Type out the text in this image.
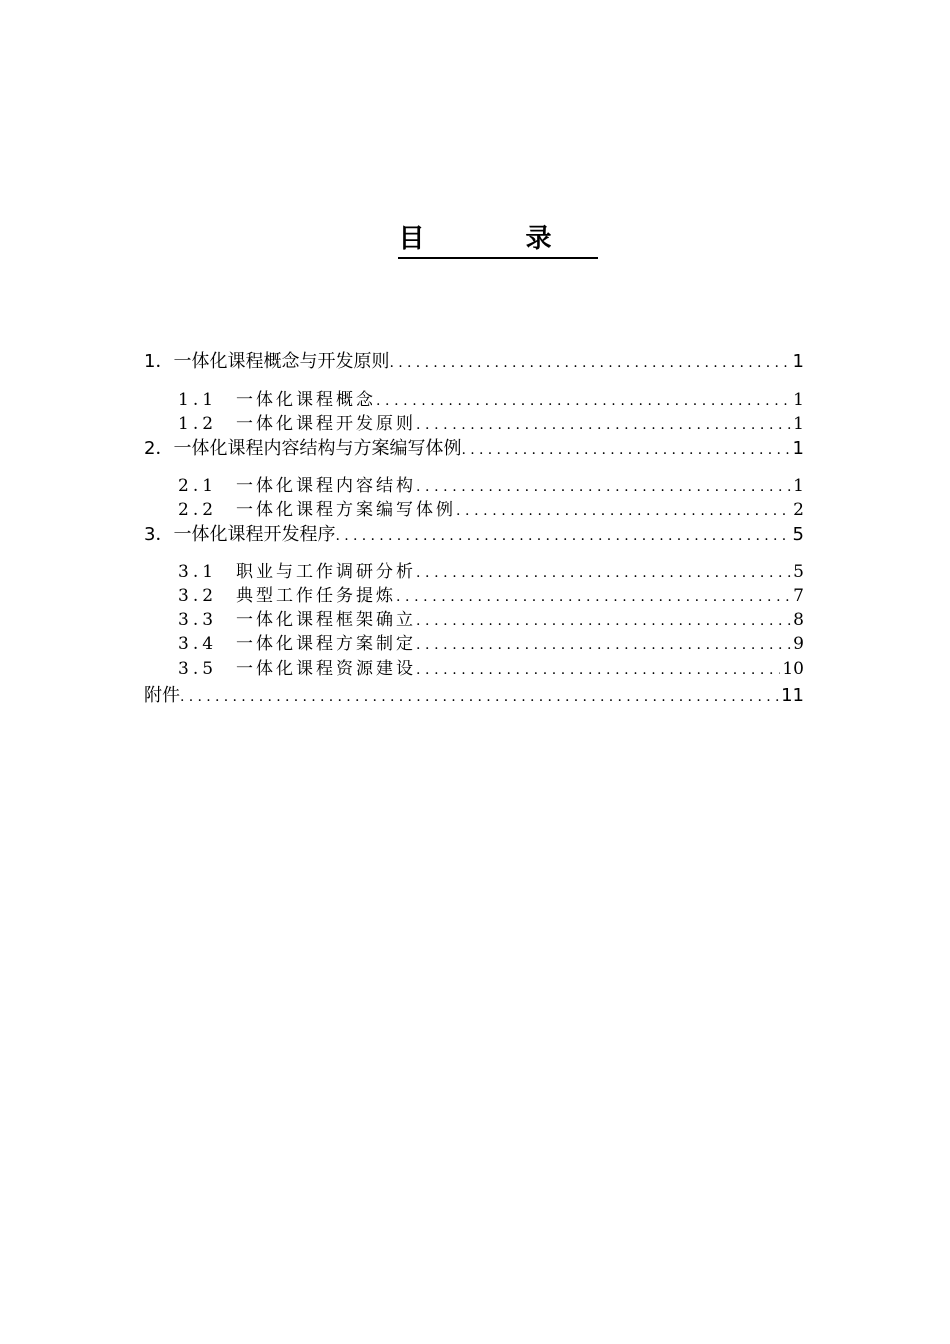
目 录
1． 一体化课程概念与开发原则 .....	1
1.1	一体化课程概念 .....	1
1.2	一体化课程开发原则 .....	1
2． 一体化课程内容结构与方案编写体例 .....	1
2.1	一体化课程内容结构 .....	1
2.2	一体化课程方案编写体例 .....	2
3． 一体化课程开发程序 .....	5
3.1	职业与工作调研分析 .....	5
3.2	典型工作任务提炼 .....	7
3.3	一体化课程框架确立 .....	8
3.4	一体化课程方案制定 .....	9
3.5	一体化课程资源建设 .....	10
附件 .....	11
